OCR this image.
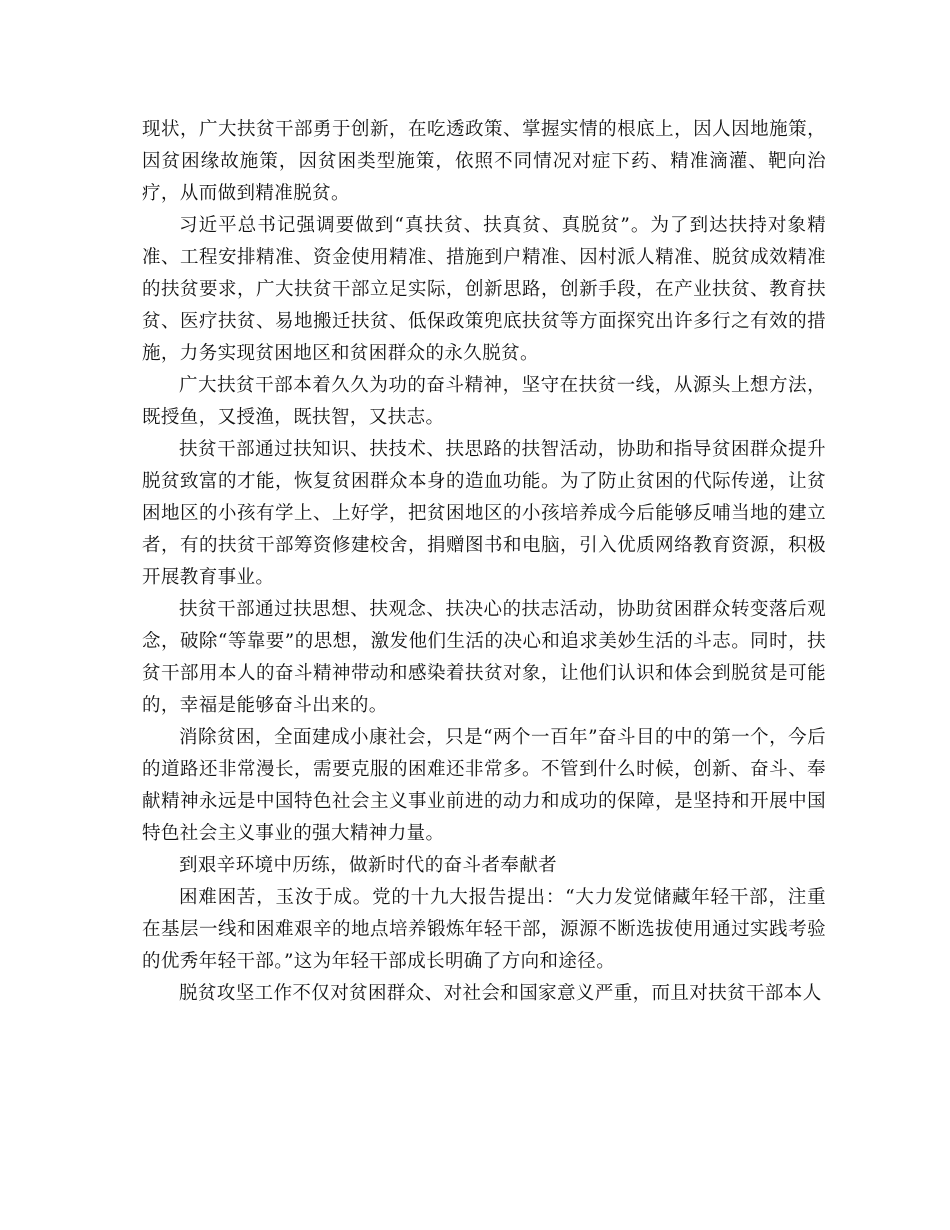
现状，广大扶贫干部勇于创新，在吃透政策、掌握实情的根底上，因人因地施策，因贫困缘故施策，因贫困类型施策，依照不同情况对症下药、精准滴灌、靶向治疗，从而做到精准脱贫。

习近平总书记强调要做到“真扶贫、扶真贫、真脱贫”。为了到达扶持对象精准、工程安排精准、资金使用精准、措施到户精准、因村派人精准、脱贫成效精准的扶贫要求，广大扶贫干部立足实际，创新思路，创新手段，在产业扶贫、教育扶贫、医疗扶贫、易地搬迁扶贫、低保政策兜底扶贫等方面探究出许多行之有效的措施，力务实现贫困地区和贫困群众的永久脱贫。

广大扶贫干部本着久久为功的奋斗精神，坚守在扶贫一线，从源头上想方法，既授鱼，又授渔，既扶智，又扶志。

扶贫干部通过扶知识、扶技术、扶思路的扶智活动，协助和指导贫困群众提升脱贫致富的才能，恢复贫困群众本身的造血功能。为了防止贫困的代际传递，让贫困地区的小孩有学上、上好学，把贫困地区的小孩培养成今后能够反哺当地的建立者，有的扶贫干部筹资修建校舍，捐赠图书和电脑，引入优质网络教育资源，积极开展教育事业。

扶贫干部通过扶思想、扶观念、扶决心的扶志活动，协助贫困群众转变落后观念，破除“等靠要”的思想，激发他们生活的决心和追求美妙生活的斗志。同时，扶贫干部用本人的奋斗精神带动和感染着扶贫对象，让他们认识和体会到脱贫是可能的，幸福是能够奋斗出来的。

消除贫困，全面建成小康社会，只是“两个一百年”奋斗目的中的第一个，今后的道路还非常漫长，需要克服的困难还非常多。不管到什么时候，创新、奋斗、奉献精神永远是中国特色社会主义事业前进的动力和成功的保障，是坚持和开展中国特色社会主义事业的强大精神力量。

到艰辛环境中历练，做新时代的奋斗者奉献者

困难困苦，玉汝于成。党的十九大报告提出：“大力发觉储藏年轻干部，注重在基层一线和困难艰辛的地点培养锻炼年轻干部，源源不断选拔使用通过实践考验的优秀年轻干部。”这为年轻干部成长明确了方向和途径。

脱贫攻坚工作不仅对贫困群众、对社会和国家意义严重，而且对扶贫干部本人
